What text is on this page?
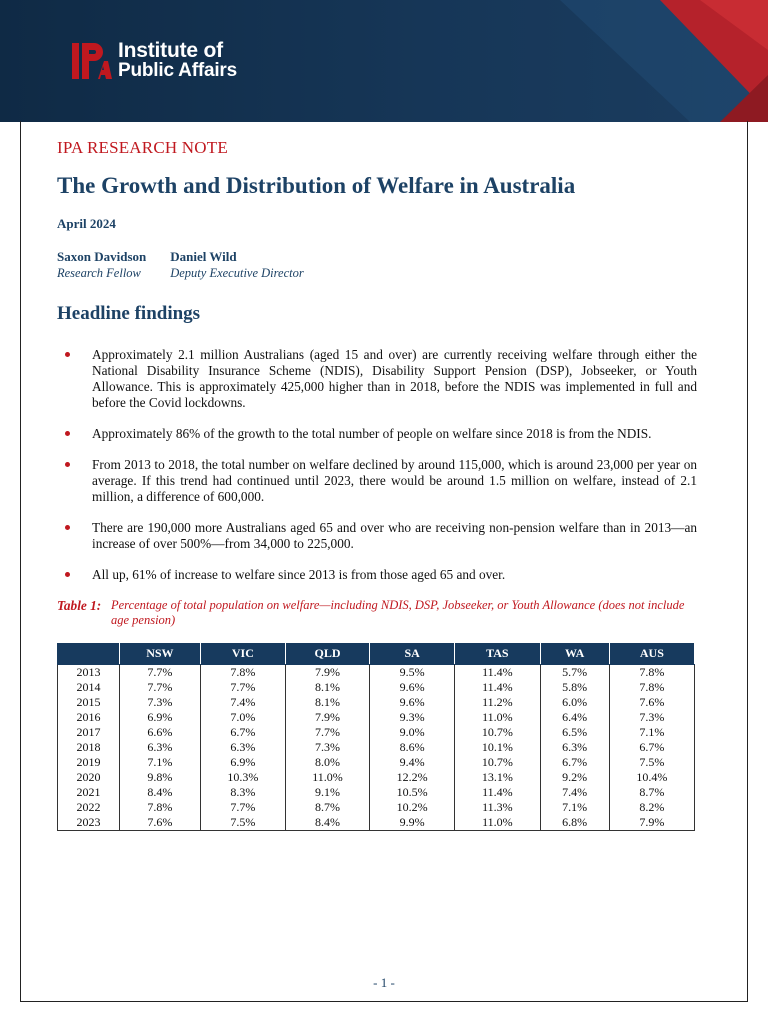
Institute of
Public Affairs
IPA RESEARCH NOTE
The Growth and Distribution of Welfare in Australia
April 2024
Saxon Davidson
Research Fellow
Daniel Wild
Deputy Executive Director
Headline findings
Approximately 2.1 million Australians (aged 15 and over) are currently receiving welfare through either the National Disability Insurance Scheme (NDIS), Disability Support Pension (DSP), Jobseeker, or Youth Allowance. This is approximately 425,000 higher than in 2018, before the NDIS was implemented in full and before the Covid lockdowns.
Approximately 86% of the growth to the total number of people on welfare since 2018 is from the NDIS.
From 2013 to 2018, the total number on welfare declined by around 115,000, which is around 23,000 per year on average. If this trend had continued until 2023, there would be around 1.5 million on welfare, instead of 2.1 million, a difference of 600,000.
There are 190,000 more Australians aged 65 and over who are receiving non-pension welfare than in 2013—an increase of over 500%—from 34,000 to 225,000.
All up, 61% of increase to welfare since 2013 is from those aged 65 and over.
Table 1: Percentage of total population on welfare—including NDIS, DSP, Jobseeker, or Youth Allowance (does not include age pension)
	NSW	VIC	QLD	SA	TAS	WA	AUS
2013	7.7%	7.8%	7.9%	9.5%	11.4%	5.7%	7.8%
2014	7.7%	7.7%	8.1%	9.6%	11.4%	5.8%	7.8%
2015	7.3%	7.4%	8.1%	9.6%	11.2%	6.0%	7.6%
2016	6.9%	7.0%	7.9%	9.3%	11.0%	6.4%	7.3%
2017	6.6%	6.7%	7.7%	9.0%	10.7%	6.5%	7.1%
2018	6.3%	6.3%	7.3%	8.6%	10.1%	6.3%	6.7%
2019	7.1%	6.9%	8.0%	9.4%	10.7%	6.7%	7.5%
2020	9.8%	10.3%	11.0%	12.2%	13.1%	9.2%	10.4%
2021	8.4%	8.3%	9.1%	10.5%	11.4%	7.4%	8.7%
2022	7.8%	7.7%	8.7%	10.2%	11.3%	7.1%	8.2%
2023	7.6%	7.5%	8.4%	9.9%	11.0%	6.8%	7.9%
- 1 -
